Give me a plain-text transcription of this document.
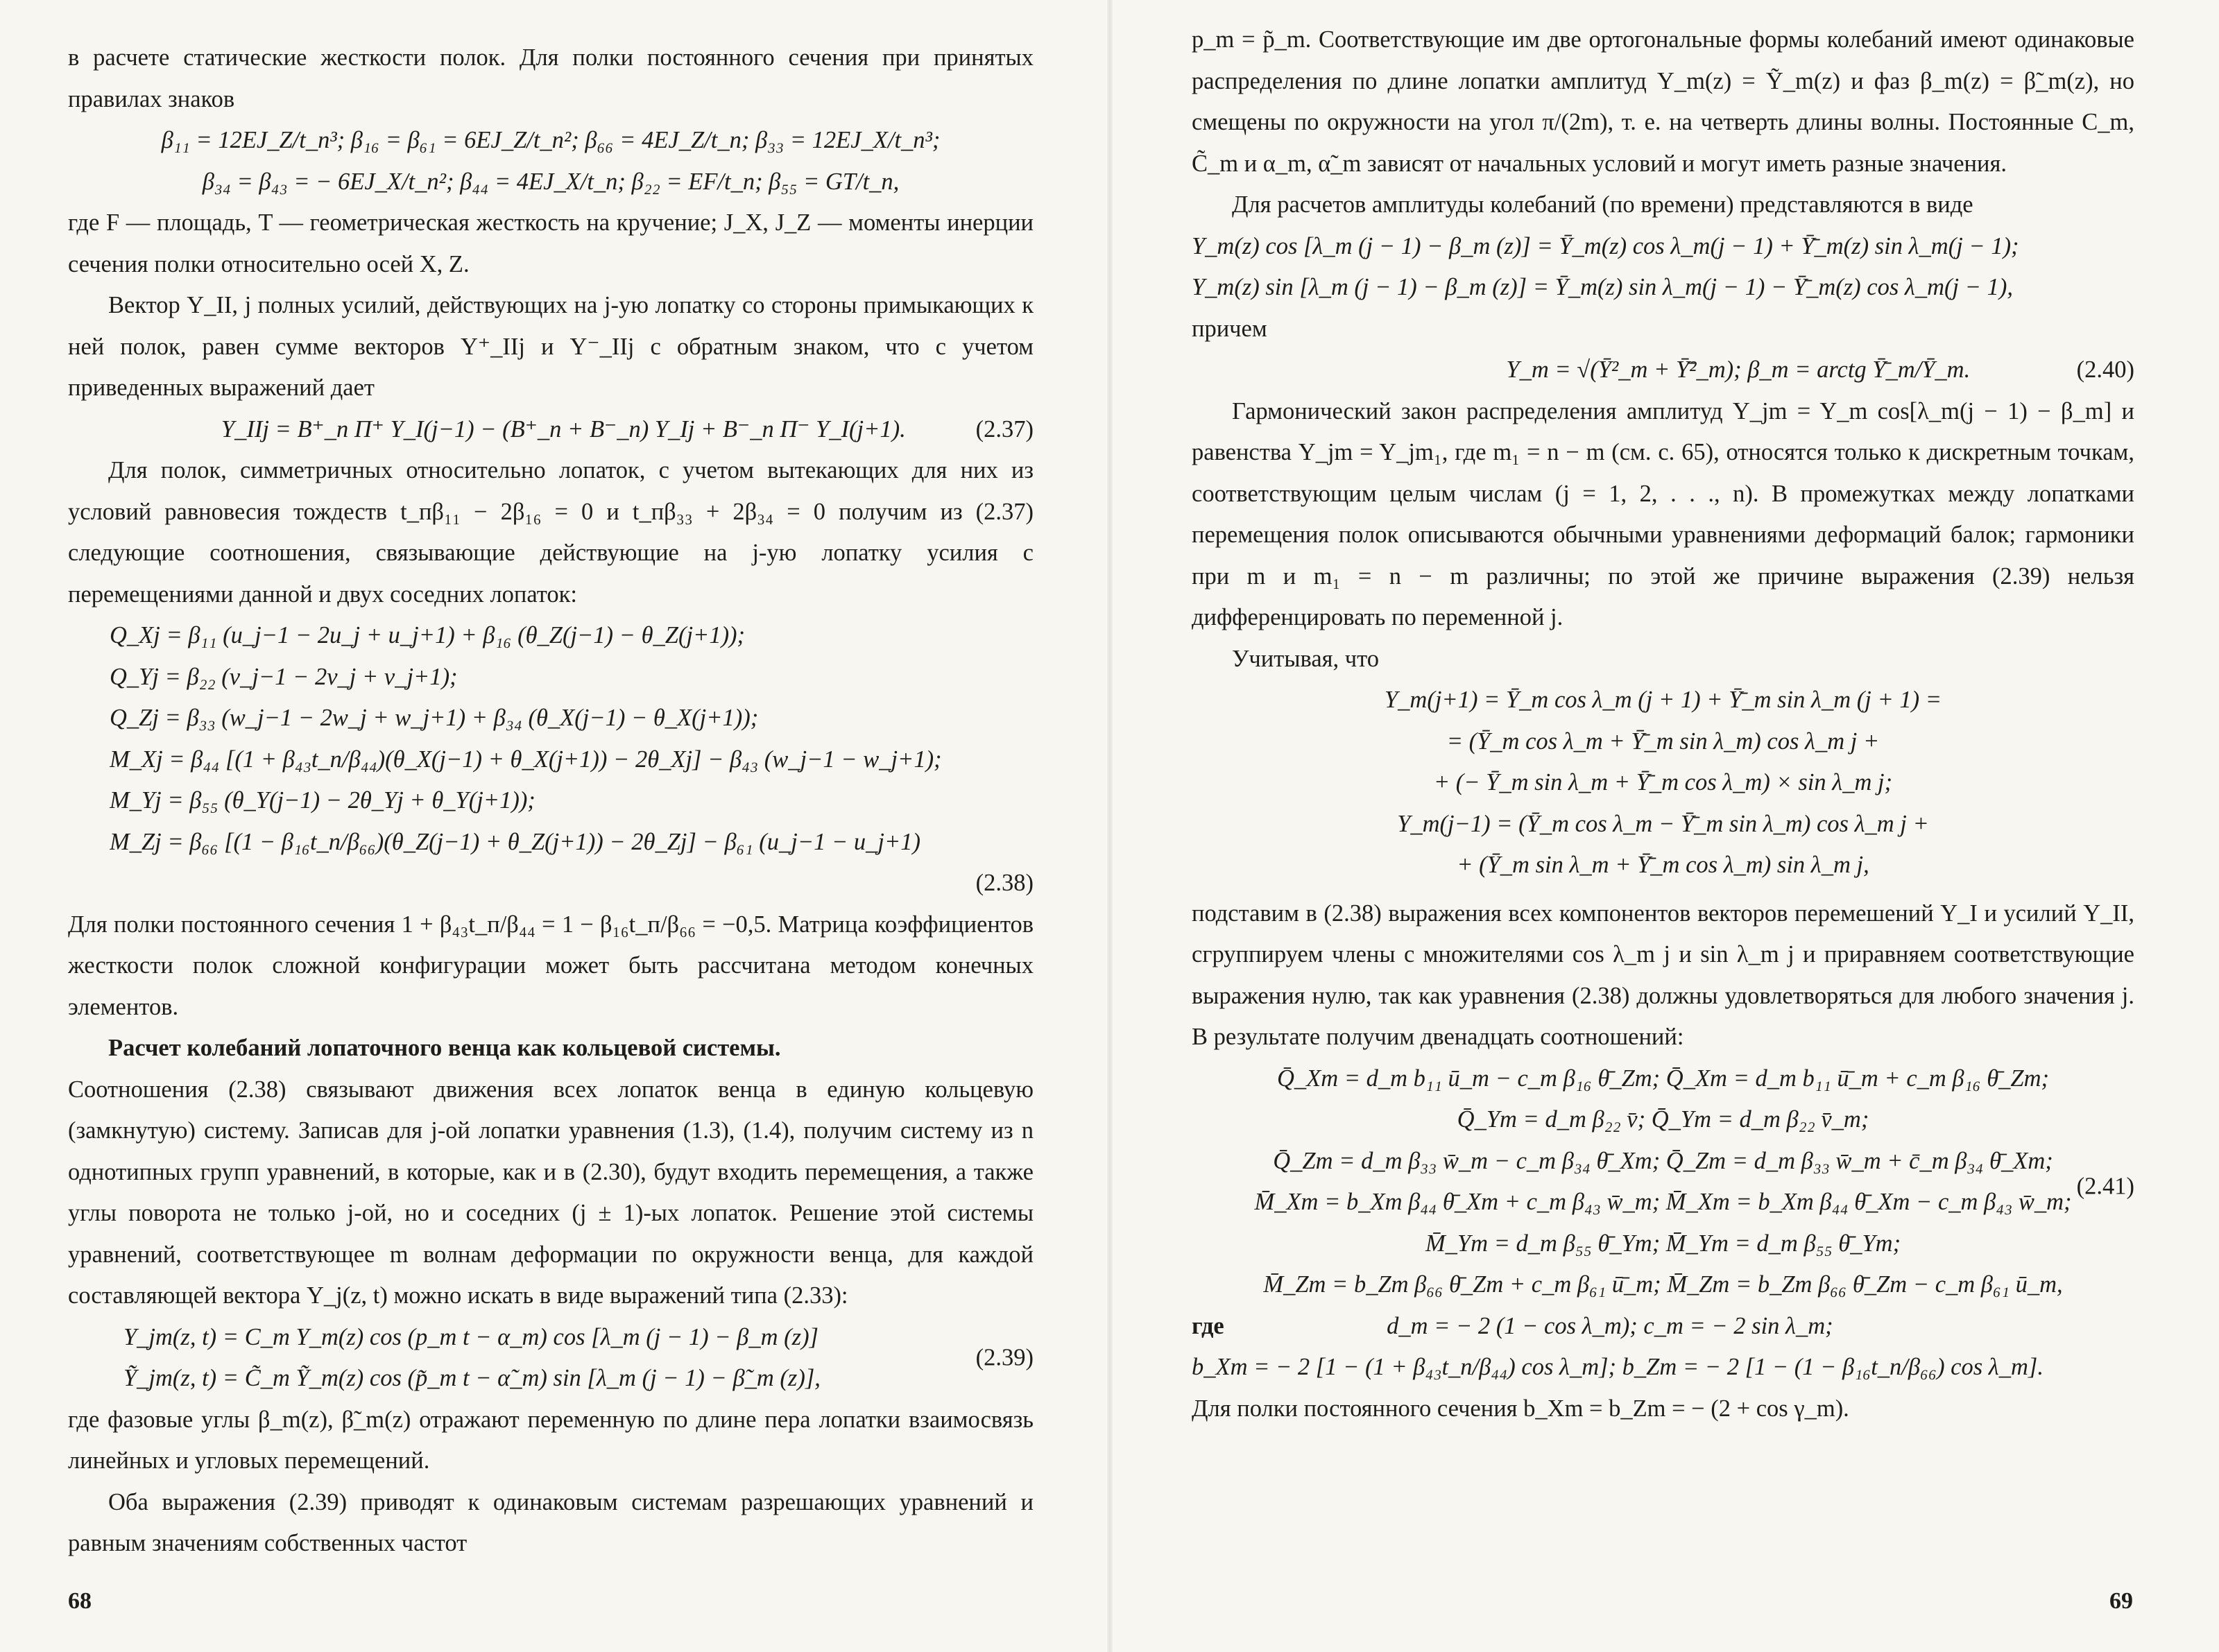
в расчете статические жесткости полок. Для полки постоянного сечения при принятых правилах знаков

β₁₁ = 12EJ_Z/t_п³; β₁₆ = β₆₁ = 6EJ_Z/t_п²; β₆₆ = 4EJ_Z/t_п; β₃₃ = 12EJ_X/t_п³;
β₃₄ = β₄₃ = − 6EJ_X/t_п²; β₄₄ = 4EJ_X/t_п; β₂₂ = EF/t_п; β₅₅ = GT/t_п,

где F — площадь, T — геометрическая жесткость на кручение; J_X, J_Z — моменты инерции сечения полки относительно осей X, Z.

Вектор Y_II, j полных усилий, действующих на j-ую лопатку со стороны примыкающих к ней полок, равен сумме векторов Y⁺_IIj и Y⁻_IIj с обратным знаком, что с учетом приведенных выражений дает

Y_IIj = B⁺_п П⁺ Y_I(j−1) − (B⁺_п + B⁻_п) Y_Ij + B⁻_п П⁻ Y_I(j+1).	(2.37)

Для полок, симметричных относительно лопаток, с учетом вытекающих для них из условий равновесия тождеств t_пβ₁₁ − 2β₁₆ = 0 и t_пβ₃₃ + 2β₃₄ = 0 получим из (2.37) следующие соотношения, связывающие действующие на j-ую лопатку усилия с перемещениями данной и двух соседних лопаток:

Q_Xj = β₁₁ (u_j−1 − 2u_j + u_j+1) + β₁₆ (θ_Z(j−1) − θ_Z(j+1));
Q_Yj = β₂₂ (v_j−1 − 2v_j + v_j+1);
Q_Zj = β₃₃ (w_j−1 − 2w_j + w_j+1) + β₃₄ (θ_X(j−1) − θ_X(j+1));
M_Xj = β₄₄ [(1 + β₄₃t_п/β₄₄)(θ_X(j−1) + θ_X(j+1)) − 2θ_Xj] − β₄₃ (w_j−1 − w_j+1);
M_Yj = β₅₅ (θ_Y(j−1) − 2θ_Yj + θ_Y(j+1));
M_Zj = β₆₆ [(1 − β₁₆t_п/β₆₆)(θ_Z(j−1) + θ_Z(j+1)) − 2θ_Zj] − β₆₁ (u_j−1 − u_j+1)
(2.38)

Для полки постоянного сечения 1 + β₄₃t_п/β₄₄ = 1 − β₁₆t_п/β₆₆ = −0,5. Матрица коэффициентов жесткости полок сложной конфигурации может быть рассчитана методом конечных элементов.

Расчет колебаний лопаточного венца как кольцевой системы.

Соотношения (2.38) связывают движения всех лопаток венца в единую кольцевую (замкнутую) систему. Записав для j-ой лопатки уравнения (1.3), (1.4), получим систему из n однотипных групп уравнений, в которые, как и в (2.30), будут входить перемещения, а также углы поворота не только j-ой, но и соседних (j ± 1)-ых лопаток. Решение этой системы уравнений, соответствующее m волнам деформации по окружности венца, для каждой составляющей вектора Y_j(z, t) можно искать в виде выражений типа (2.33):

Y_jm(z, t) = C_m Y_m(z) cos (p_m t − α_m) cos [λ_m (j − 1) − β_m (z)]
Ỹ_jm(z, t) = C̃_m Ỹ_m(z) cos (p̃_m t − α̃_m) sin [λ_m (j − 1) − β̃_m (z)],
(2.39)

где фазовые углы β_m(z), β̃_m(z) отражают переменную по длине пера лопатки взаимосвязь линейных и угловых перемещений.

Оба выражения (2.39) приводят к одинаковым системам разрешающих уравнений и равным значениям собственных частот

68

p_m = p̃_m. Соответствующие им две ортогональные формы колебаний имеют одинаковые распределения по длине лопатки амплитуд Y_m(z) = Ỹ_m(z) и фаз β_m(z) = β̃_m(z), но смещены по окружности на угол π/(2m), т. е. на четверть длины волны. Постоянные C_m, C̃_m и α_m, α̃_m зависят от начальных условий и могут иметь разные значения.

Для расчетов амплитуды колебаний (по времени) представляются в виде

Y_m(z) cos [λ_m (j − 1) − β_m (z)] = Ȳ_m(z) cos λ_m(j − 1) + Ȳ̄_m(z) sin λ_m(j − 1);
Y_m(z) sin [λ_m (j − 1) − β_m (z)] = Ȳ_m(z) sin λ_m(j − 1) − Ȳ̄_m(z) cos λ_m(j − 1),

причем

Y_m = √(Ȳ²_m + Ȳ̄²_m); β_m = arctg Ȳ̄_m/Ȳ_m.	(2.40)

Гармонический закон распределения амплитуд Y_jm = Y_m cos[λ_m(j − 1) − β_m] и равенства Y_jm = Y_jm₁, где m₁ = n − m (см. с. 65), относятся только к дискретным точкам, соответствующим целым числам (j = 1, 2, . . ., n). В промежутках между лопатками перемещения полок описываются обычными уравнениями деформаций балок; гармоники при m и m₁ = n − m различны; по этой же причине выражения (2.39) нельзя дифференцировать по переменной j.

Учитывая, что

Y_m(j+1) = Ȳ_m cos λ_m (j + 1) + Ȳ̄_m sin λ_m (j + 1) =
= (Ȳ_m cos λ_m + Ȳ̄_m sin λ_m) cos λ_m j +
+ (− Ȳ_m sin λ_m + Ȳ̄_m cos λ_m) × sin λ_m j;
Y_m(j−1) = (Ȳ_m cos λ_m − Ȳ̄_m sin λ_m) cos λ_m j +
+ (Ȳ_m sin λ_m + Ȳ̄_m cos λ_m) sin λ_m j,

подставим в (2.38) выражения всех компонентов векторов перемешений Y_I и усилий Y_II, сгруппируем члены с множителями cos λ_m j и sin λ_m j и приравняем соответствующие выражения нулю, так как уравнения (2.38) должны удовлетворяться для любого значения j. В результате получим двенадцать соотношений:

Q̄_Xm = d_m b₁₁ ū_m − c_m β₁₆ θ̄̄_Zm; Q̄̄_Xm = d_m b₁₁ ū̄_m + c_m β₁₆ θ̄_Zm;
Q̄_Ym = d_m β₂₂ v̄; Q̄̄_Ym = d_m β₂₂ v̄̄_m;
Q̄_Zm = d_m β₃₃ w̄_m − c_m β₃₄ θ̄̄_Xm; Q̄̄_Zm = d_m β₃₃ w̄̄_m + c̄_m β₃₄ θ̄_Xm;
M̄_Xm = b_Xm β₄₄ θ̄_Xm + c_m β₄₃ w̄̄_m; M̄̄_Xm = b_Xm β₄₄ θ̄̄_Xm − c_m β₄₃ w̄_m;
M̄_Ym = d_m β₅₅ θ̄_Ym; M̄̄_Ym = d_m β₅₅ θ̄̄_Ym;
M̄_Zm = b_Zm β₆₆ θ̄_Zm + c_m β₆₁ ū̄_m; M̄̄_Zm = b_Zm β₆₆ θ̄̄_Zm − c_m β₆₁ ū_m,
(2.41)
где	d_m = − 2 (1 − cos λ_m); c_m = − 2 sin λ_m;
b_Xm = − 2 [1 − (1 + β₄₃t_п/β₄₄) cos λ_m]; b_Zm = − 2 [1 − (1 − β₁₆t_п/β₆₆) cos λ_m].

Для полки постоянного сечения b_Xm = b_Zm = − (2 + cos γ_m).

69
